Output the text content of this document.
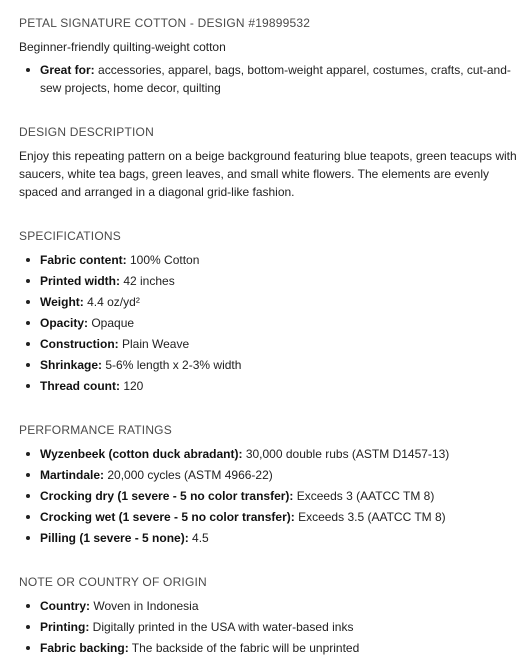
PETAL SIGNATURE COTTON - DESIGN #19899532

Beginner-friendly quilting-weight cotton

Great for: accessories, apparel, bags, bottom-weight apparel, costumes, crafts, cut-and-sew projects, home decor, quilting
DESIGN DESCRIPTION

Enjoy this repeating pattern on a beige background featuring blue teapots, green teacups with saucers, white tea bags, green leaves, and small white flowers. The elements are evenly spaced and arranged in a diagonal grid-like fashion.

SPECIFICATIONS
Fabric content: 100% Cotton
Printed width: 42 inches
Weight: 4.4 oz/yd²
Opacity: Opaque
Construction: Plain Weave
Shrinkage: 5-6% length x 2-3% width
Thread count: 120
PERFORMANCE RATINGS
Wyzenbeek (cotton duck abradant): 30,000 double rubs (ASTM D1457-13)
Martindale: 20,000 cycles (ASTM 4966-22)
Crocking dry (1 severe - 5 no color transfer): Exceeds 3 (AATCC TM 8)
Crocking wet (1 severe - 5 no color transfer): Exceeds 3.5 (AATCC TM 8)
Pilling (1 severe - 5 none): 4.5
NOTE OR COUNTRY OF ORIGIN
Country: Woven in Indonesia
Printing: Digitally printed in the USA with water-based inks
Fabric backing: The backside of the fabric will be unprinted
